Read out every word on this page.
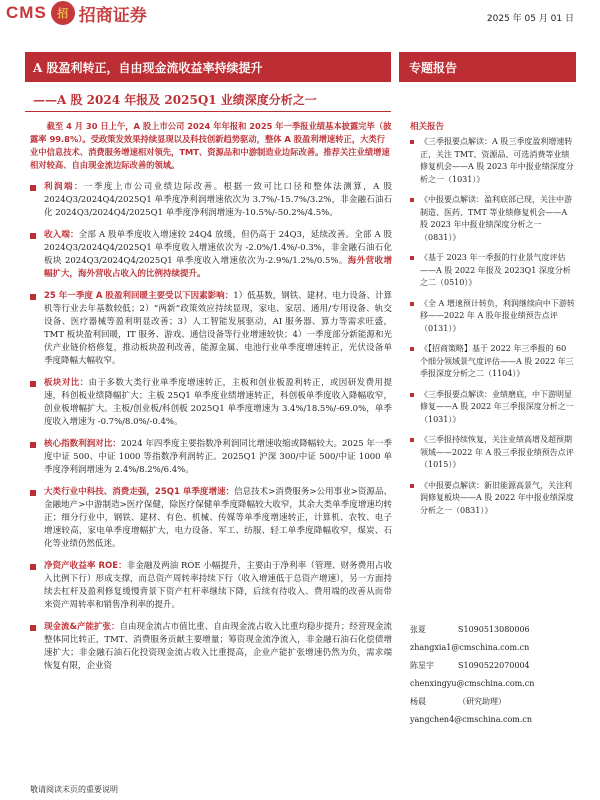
CMS 招 招商证券	2025 年 05 月 01 日
A 股盈利转正，自由现金流收益率持续提升	专题报告
——A 股 2024 年报及 2025Q1 业绩深度分析之一

截至 4 月 30 日上午，A 股上市公司 2024 年年报和 2025 年一季报业绩基本披露完毕（披露率 99.8%）。受政策发效果持续显现以及科技创新趋势驱动，整体 A 股盈利增速转正，大类行业中信息技术、消费服务增速相对领先，TMT、资源品和中游制造业边际改善。推荐关注业绩增速相对较高、自由现金流边际改善的领域。

利润端：一季度上市公司业绩边际改善。根据一致可比口径和整体法测算，A 股 2024Q3/2024Q4/2025Q1 单季度净利润增速依次为 3.7%/-15.7%/3.2%，非金融石油石化 2024Q3/2024Q4/2025Q1 单季度净利润增速为-10.5%/-50.2%/4.5%。
收入端：全部 A 股单季度收入增速较 24Q4 放缓，但仍高于 24Q3，延续改善。全部 A 股 2024Q3/2024Q4/2025Q1 单季度收入增速依次为 -2.0%/1.4%/-0.3%，非金融石油石化板块 2024Q3/2024Q4/2025Q1 单季度收入增速依次为-2.9%/1.2%/0.5%。海外营收增幅扩大，海外营收占收入的比例持续提升。
25 年一季度 A 股盈利回暖主要受以下因素影响：1）低基数，钢铁、建材、电力设备、计算机等行业去年基数较低；2）“两新”政策效应持续显现，家电、家居、通用/专用设备、轨交设备、医疗器械等盈利明显改善；3）人工智能发展驱动，AI 服务器、算力等需求旺盛，TMT 板块盈利回暖，IT 服务、游戏、通信设备等行业增速较快；4）一季度部分新能源和光伏产业链价格修复，推动板块盈利改善，能源金属、电池行业单季度增速转正，光伏设备单季度降幅大幅收窄。
板块对比：由于多数大类行业单季度增速转正，主板和创业板盈利转正，或因研发费用提速，科创板业绩降幅扩大；主板 25Q1 单季度业绩增速转正，科创板单季度收入降幅收窄，创业板增幅扩大。主板/创业板/科创板 2025Q1 单季度增速为 3.4%/18.5%/-69.0%，单季度收入增速为 -0.7%/8.0%/-0.4%。
核心指数利润对比：2024 年四季度主要指数净利润同比增速收缩或降幅较大。2025 年一季度中证 500、中证 1000 等指数净利润转正。2025Q1 沪深 300/中证 500/中证 1000 单季度净利润增速为 2.4%/8.2%/6.4%。
大类行业中科技、消费走强，25Q1 单季度增速：信息技术>消费服务>公用事业>资源品、金融地产>中游制造>医疗保健，除医疗保健单季度降幅较大收窄，其余大类单季度增速均转正；细分行业中，钢铁、建材、有色、机械、传媒等单季度增速转正，计算机、农牧、电子增速较高，家电单季度增幅扩大，电力设备、军工、纺服、轻工单季度降幅收窄，煤炭、石化等业绩仍然低迷。
净资产收益率 ROE：非金融及两油 ROE 小幅提升，主要由于净利率（管理、财务费用占收入比例下行）形成支撑，而总资产周转率持续下行（收入增速低于总资产增速），另一方面持续去杠杆及盈利修复缓慢背景下资产杠杆率继续下降，后续有待收入、费用端的改善从而带来资产周转率和销售净利率的提升。
现金流&产能扩张：自由现金流占市值比重、自由现金流占收入比重均稳步提升；经营现金流整体同比转正，TMT、消费服务贡献主要增量；筹资现金流净流入，非金融石油石化偿债增速扩大；非金融石油石化投资现金流占收入比重提高，企业产能扩张增速仍然为负，需求端恢复有限，企业资
相关报告
《三季报要点解读：A 股三季度盈利增速转正，关注 TMT、资源品、可选消费等业绩修复机会——A 股 2023 年中报业绩深度分析之一（1031）》
《中报要点解读：盈利底部已现，关注中游制造、医药、TMT 等业绩修复机会——A 股 2023 年中报业绩深度分析之一（0831）》
《基于 2023 年一季报的行业景气度评估——A 股 2022 年报及 2023Q1 深度分析之二（0510）》
《全 A 增速预计转负，利润继续向中下游转移——2022 年 A 股年报业绩预告点评（0131）》
《【招商策略】基于 2022 年三季报的 60 个细分领域景气度评估——A 股 2022 年三季报深度分析之二（1104）》
《三季报要点解读：业绩磨底，中下游明显修复——A 股 2022 年三季报深度分析之一（1031）》
《三季报持续恢复，关注业绩高增及超预期领域——2022 年 A 股三季报业绩预告点评（1015）》
《中报要点解读：新旧能源高景气，关注利润修复板块——A 股 2022 年中报业绩深度分析之一（0831）》
张夏	S1090513080006
zhangxia1@cmschina.com.cn
陈星宇	S1090522070004
chenxingyu@cmschina.com.cn
杨晨	（研究助理）
yangchen4@cmschina.com.cn
敬请阅读末页的重要说明
